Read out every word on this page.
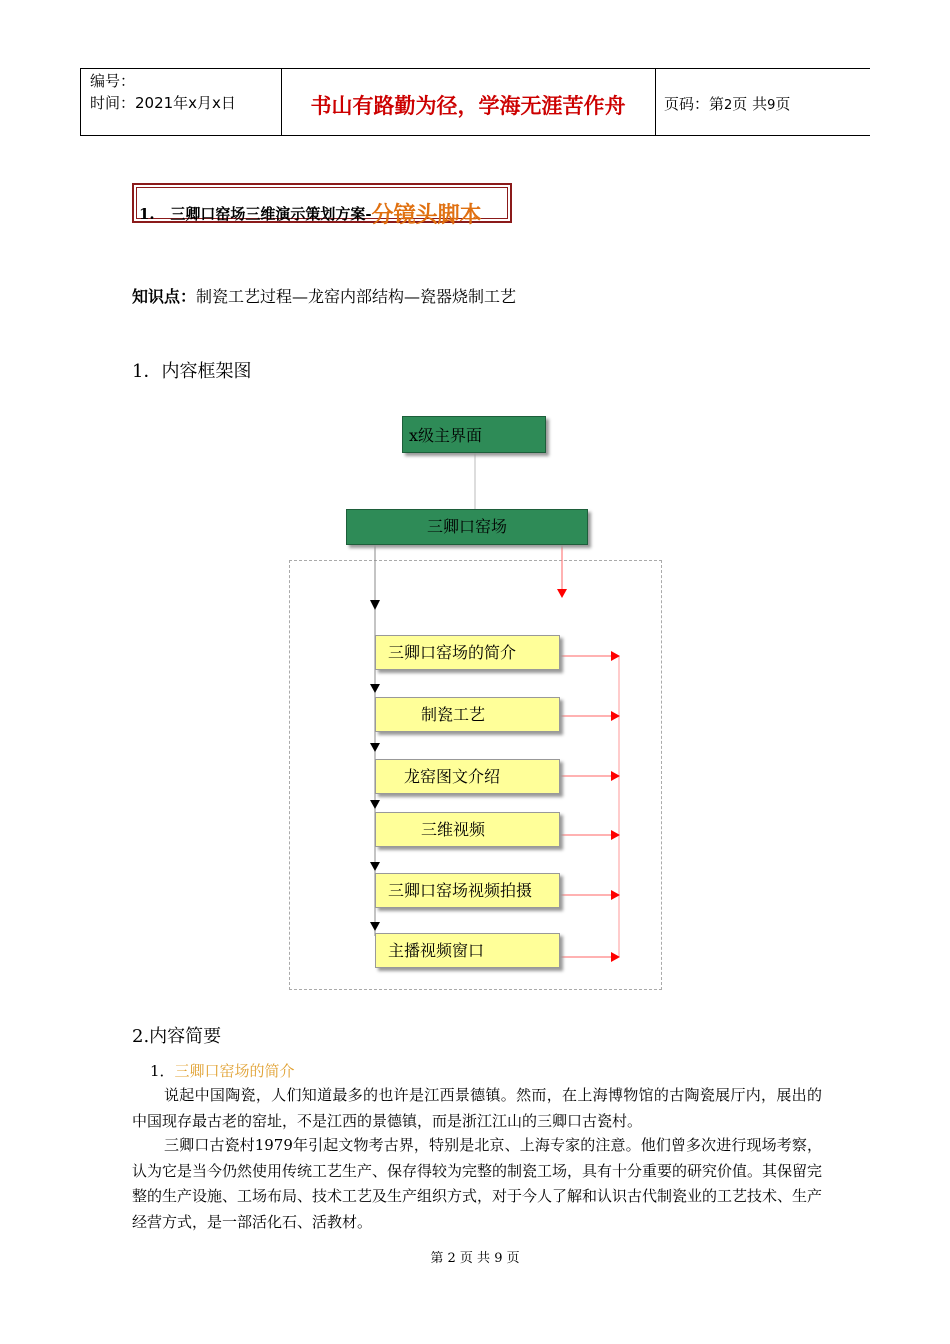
编号：
时间：2021年x月x日	书山有路勤为径，学海无涯苦作舟	页码：第2页 共9页
1. 三卿口窑场三维演示策划方案-分镜头脚本
知识点：制瓷工艺过程—龙窑内部结构—瓷器烧制工艺
1．内容框架图
x级主界面
三卿口窑场
三卿口窑场的简介
制瓷工艺
龙窑图文介绍
三维视频
三卿口窑场视频拍摄
主播视频窗口
2.内容简要
1．三卿口窑场的简介
说起中国陶瓷，人们知道最多的也许是江西景德镇。然而，在上海博物馆的古陶瓷展厅内，展出的中国现存最古老的窑址，不是江西的景德镇，而是浙江江山的三卿口古瓷村。
三卿口古瓷村1979年引起文物考古界，特别是北京、上海专家的注意。他们曾多次进行现场考察，认为它是当今仍然使用传统工艺生产、保存得较为完整的制瓷工场，具有十分重要的研究价值。其保留完整的生产设施、工场布局、技术工艺及生产组织方式，对于今人了解和认识古代制瓷业的工艺技术、生产经营方式，是一部活化石、活教材。
第 2 页 共 9 页
